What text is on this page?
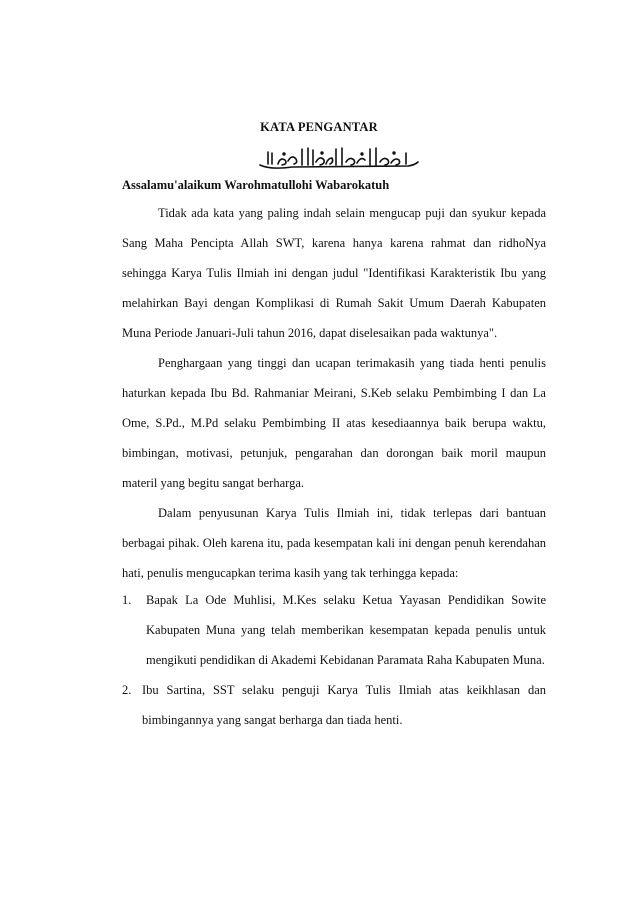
KATA PENGANTAR
Assalamu'alaikum Warohmatullohi Wabarokatuh

Tidak ada kata yang paling indah selain mengucap puji dan syukur kepada Sang Maha Pencipta Allah SWT, karena hanya karena rahmat dan ridhoNya sehingga Karya Tulis Ilmiah ini dengan judul "Identifikasi Karakteristik Ibu yang melahirkan Bayi dengan Komplikasi di Rumah Sakit Umum Daerah Kabupaten Muna Periode Januari-Juli tahun 2016, dapat diselesaikan pada waktunya".

Penghargaan yang tinggi dan ucapan terimakasih yang tiada henti penulis haturkan kepada Ibu Bd. Rahmaniar Meirani, S.Keb selaku Pembimbing I dan La Ome, S.Pd., M.Pd selaku Pembimbing II atas kesediaannya baik berupa waktu, bimbingan, motivasi, petunjuk, pengarahan dan dorongan baik moril maupun materil yang begitu sangat berharga.

Dalam penyusunan Karya Tulis Ilmiah ini, tidak terlepas dari bantuan berbagai pihak. Oleh karena itu, pada kesempatan kali ini dengan penuh kerendahan hati, penulis mengucapkan terima kasih yang tak terhingga kepada:

1.	Bapak La Ode Muhlisi, M.Kes selaku Ketua Yayasan Pendidikan Sowite Kabupaten Muna yang telah memberikan kesempatan kepada penulis untuk mengikuti pendidikan di Akademi Kebidanan Paramata Raha Kabupaten Muna.
2. Ibu Sartina, SST selaku penguji Karya Tulis Ilmiah atas keikhlasan dan bimbingannya yang sangat berharga dan tiada henti.
